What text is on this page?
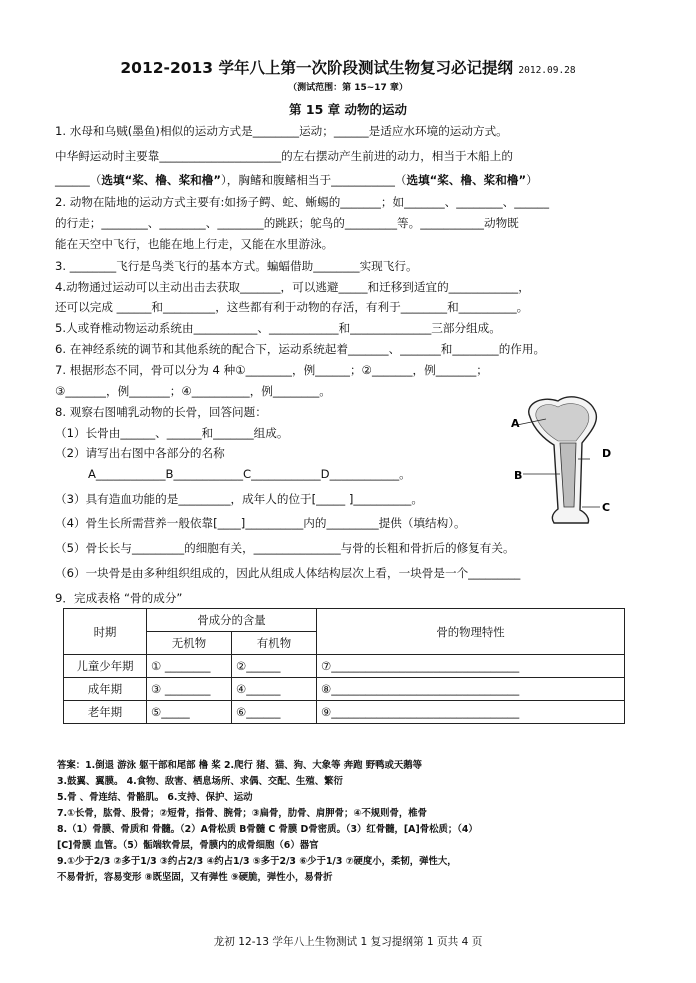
2012-2013 学年八上第一次阶段测试生物复习必记提纲 2012.09.28
（测试范围：第 15~17 章）
第 15 章 动物的运动
1. 水母和乌贼(墨鱼)相似的运动方式是________运动；______是适应水环境的运动方式。
中华鲟运动时主要靠_____________________的左右摆动产生前进的动力，相当于木船上的
______（选填“桨、橹、桨和橹”），胸鳍和腹鳍相当于___________（选填“桨、橹、桨和橹”）
2. 动物在陆地的运动方式主要有:如扬子鳄、蛇、蜥蜴的_______；如_______、________、______
的行走；________、________、________的跳跃；鸵鸟的_________等。___________动物既
能在天空中飞行，也能在地上行走，又能在水里游泳。
3. ________飞行是鸟类飞行的基本方式。蝙蝠借助________实现飞行。
4.动物通过运动可以主动出击去获取_______，可以逃避_____和迁移到适宜的____________，
还可以完成 ______和_________，这些都有利于动物的存活，有利于________和__________。
5.人或脊椎动物运动系统由___________、____________和______________三部分组成。
6. 在神经系统的调节和其他系统的配合下，运动系统起着_______、_______和________的作用。
7. 根据形态不同，骨可以分为 4 种①________，例______；②_______，例_______；
③_______，例_______；④__________，例________。
8. 观察右图哺乳动物的长骨，回答问题：
（1）长骨由______、______和_______组成。
（2）请写出右图中各部分的名称
A____________B____________C____________D____________。
（3）具有造血功能的是_________，成年人的位于[_____ ]__________。
（4）骨生长所需营养一般依靠[____]__________内的_________提供（填结构）。
（5）骨长长与_________的细胞有关，_______________与骨的长粗和骨折后的修复有关。
（6）一块骨是由多种组织组成的，因此从组成人体结构层次上看，一块骨是一个_________
9．完成表格 “骨的成分”
A
B
D
C
时期	骨成分的含量		骨的物理特性
	无机物	有机物	
儿童少年期	① ________	②______	⑦_________________________________
成年期	③ ________	④______	⑧_________________________________
老年期	⑤_____	⑥______	⑨_________________________________
答案：1.倒退 游泳 躯干部和尾部 橹 桨 2.爬行 猪、猫、狗、大象等 奔跑 野鸭或天鹅等
3.鼓翼、翼膜。 4.食物、敌害、栖息场所、求偶、交配、生殖、繁衍
5.骨 、骨连结、骨骼肌。 6.支持、保护、运动
7.①长骨，肱骨、股骨；②短骨，指骨、腕骨；③扁骨，肋骨、肩胛骨；④不规则骨，椎骨
8.（1）骨膜、骨质和 骨髓。（2）A骨松质 B骨髓 C 骨膜 D骨密质。（3）红骨髓，[A]骨松质；（4）
[C]骨膜 血管。（5）骺端软骨层，骨膜内的成骨细胞（6）器官
9.①少于2/3 ②多于1/3 ③约占2/3 ④约占1/3 ⑤多于2/3 ⑥少于1/3 ⑦硬度小，柔韧，弹性大，
不易骨折，容易变形 ⑧既坚固，又有弹性 ⑨硬脆，弹性小，易骨折
龙初 12-13 学年八上生物测试 1 复习提纲第 1 页共 4 页
